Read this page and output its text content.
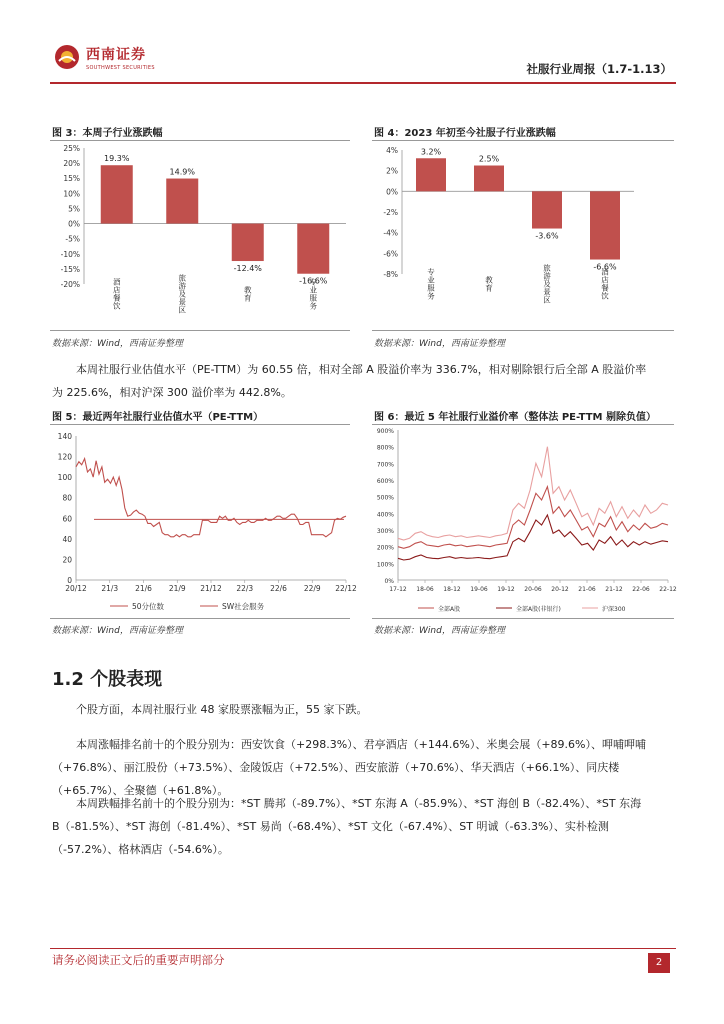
西南证券
SOUTHWEST SECURITIES	社服行业周报（1.7-1.13）
图 3：本周子行业涨跌幅	图 4：2023 年初至今社服子行业涨跌幅
25%
20%
15%
10%
5%
0%
-5%
-10%
-15%
-20%
19.3%
酒店餐饮
14.9%
旅游及景区
-12.4%
教育
-16.6%
专业服务
4%
2%
0%
-2%
-4%
-6%
-8%
3.2%
专业服务
2.5%
教育
-3.6%
旅游及景区	-6.6%
酒店餐饮
数据来源：Wind，西南证券整理	数据来源：Wind，西南证券整理
本周社服行业估值水平（PE-TTM）为 60.55 倍，相对全部 A 股溢价率为 336.7%，相对剔除银行后全部 A 股溢价率为 225.6%，相对沪深 300 溢价率为 442.8%。
图 5：最近两年社服行业估值水平（PE-TTM）	图 6：最近 5 年社服行业溢价率（整体法 PE-TTM 剔除负值）
140
120
100
80
60
40
20
0
20/12 21/3 21/6 21/9 21/12 22/3 22/6 22/9 22/12
50分位数	SW社会服务
900%
800%
700%
600%
500%
400%
300%
200%
100%
0%
17-12 18-06 18-12 19-06 19-12 20-06 20-12 21-06 21-12 22-06 22-12
全部A股	全部A股(非银行)	沪深300
数据来源：Wind，西南证券整理	数据来源：Wind，西南证券整理
1.2 个股表现
个股方面，本周社服行业 48 家股票涨幅为正，55 家下跌。
本周涨幅排名前十的个股分别为：西安饮食（+298.3%）、君亭酒店（+144.6%）、米奥会展（+89.6%）、呷哺呷哺（+76.8%）、丽江股份（+73.5%）、金陵饭店（+72.5%）、西安旅游（+70.6%）、华天酒店（+66.1%）、同庆楼（+65.7%）、全聚德（+61.8%）。
本周跌幅排名前十的个股分别为：*ST 腾邦（-89.7%）、*ST 东海 A（-85.9%）、*ST 海创 B（-82.4%）、*ST 东海 B（-81.5%）、*ST 海创（-81.4%）、*ST 易尚（-68.4%）、*ST 文化（-67.4%）、ST 明诚（-63.3%）、实朴检测（-57.2%）、格林酒店（-54.6%）。
请务必阅读正文后的重要声明部分	2
